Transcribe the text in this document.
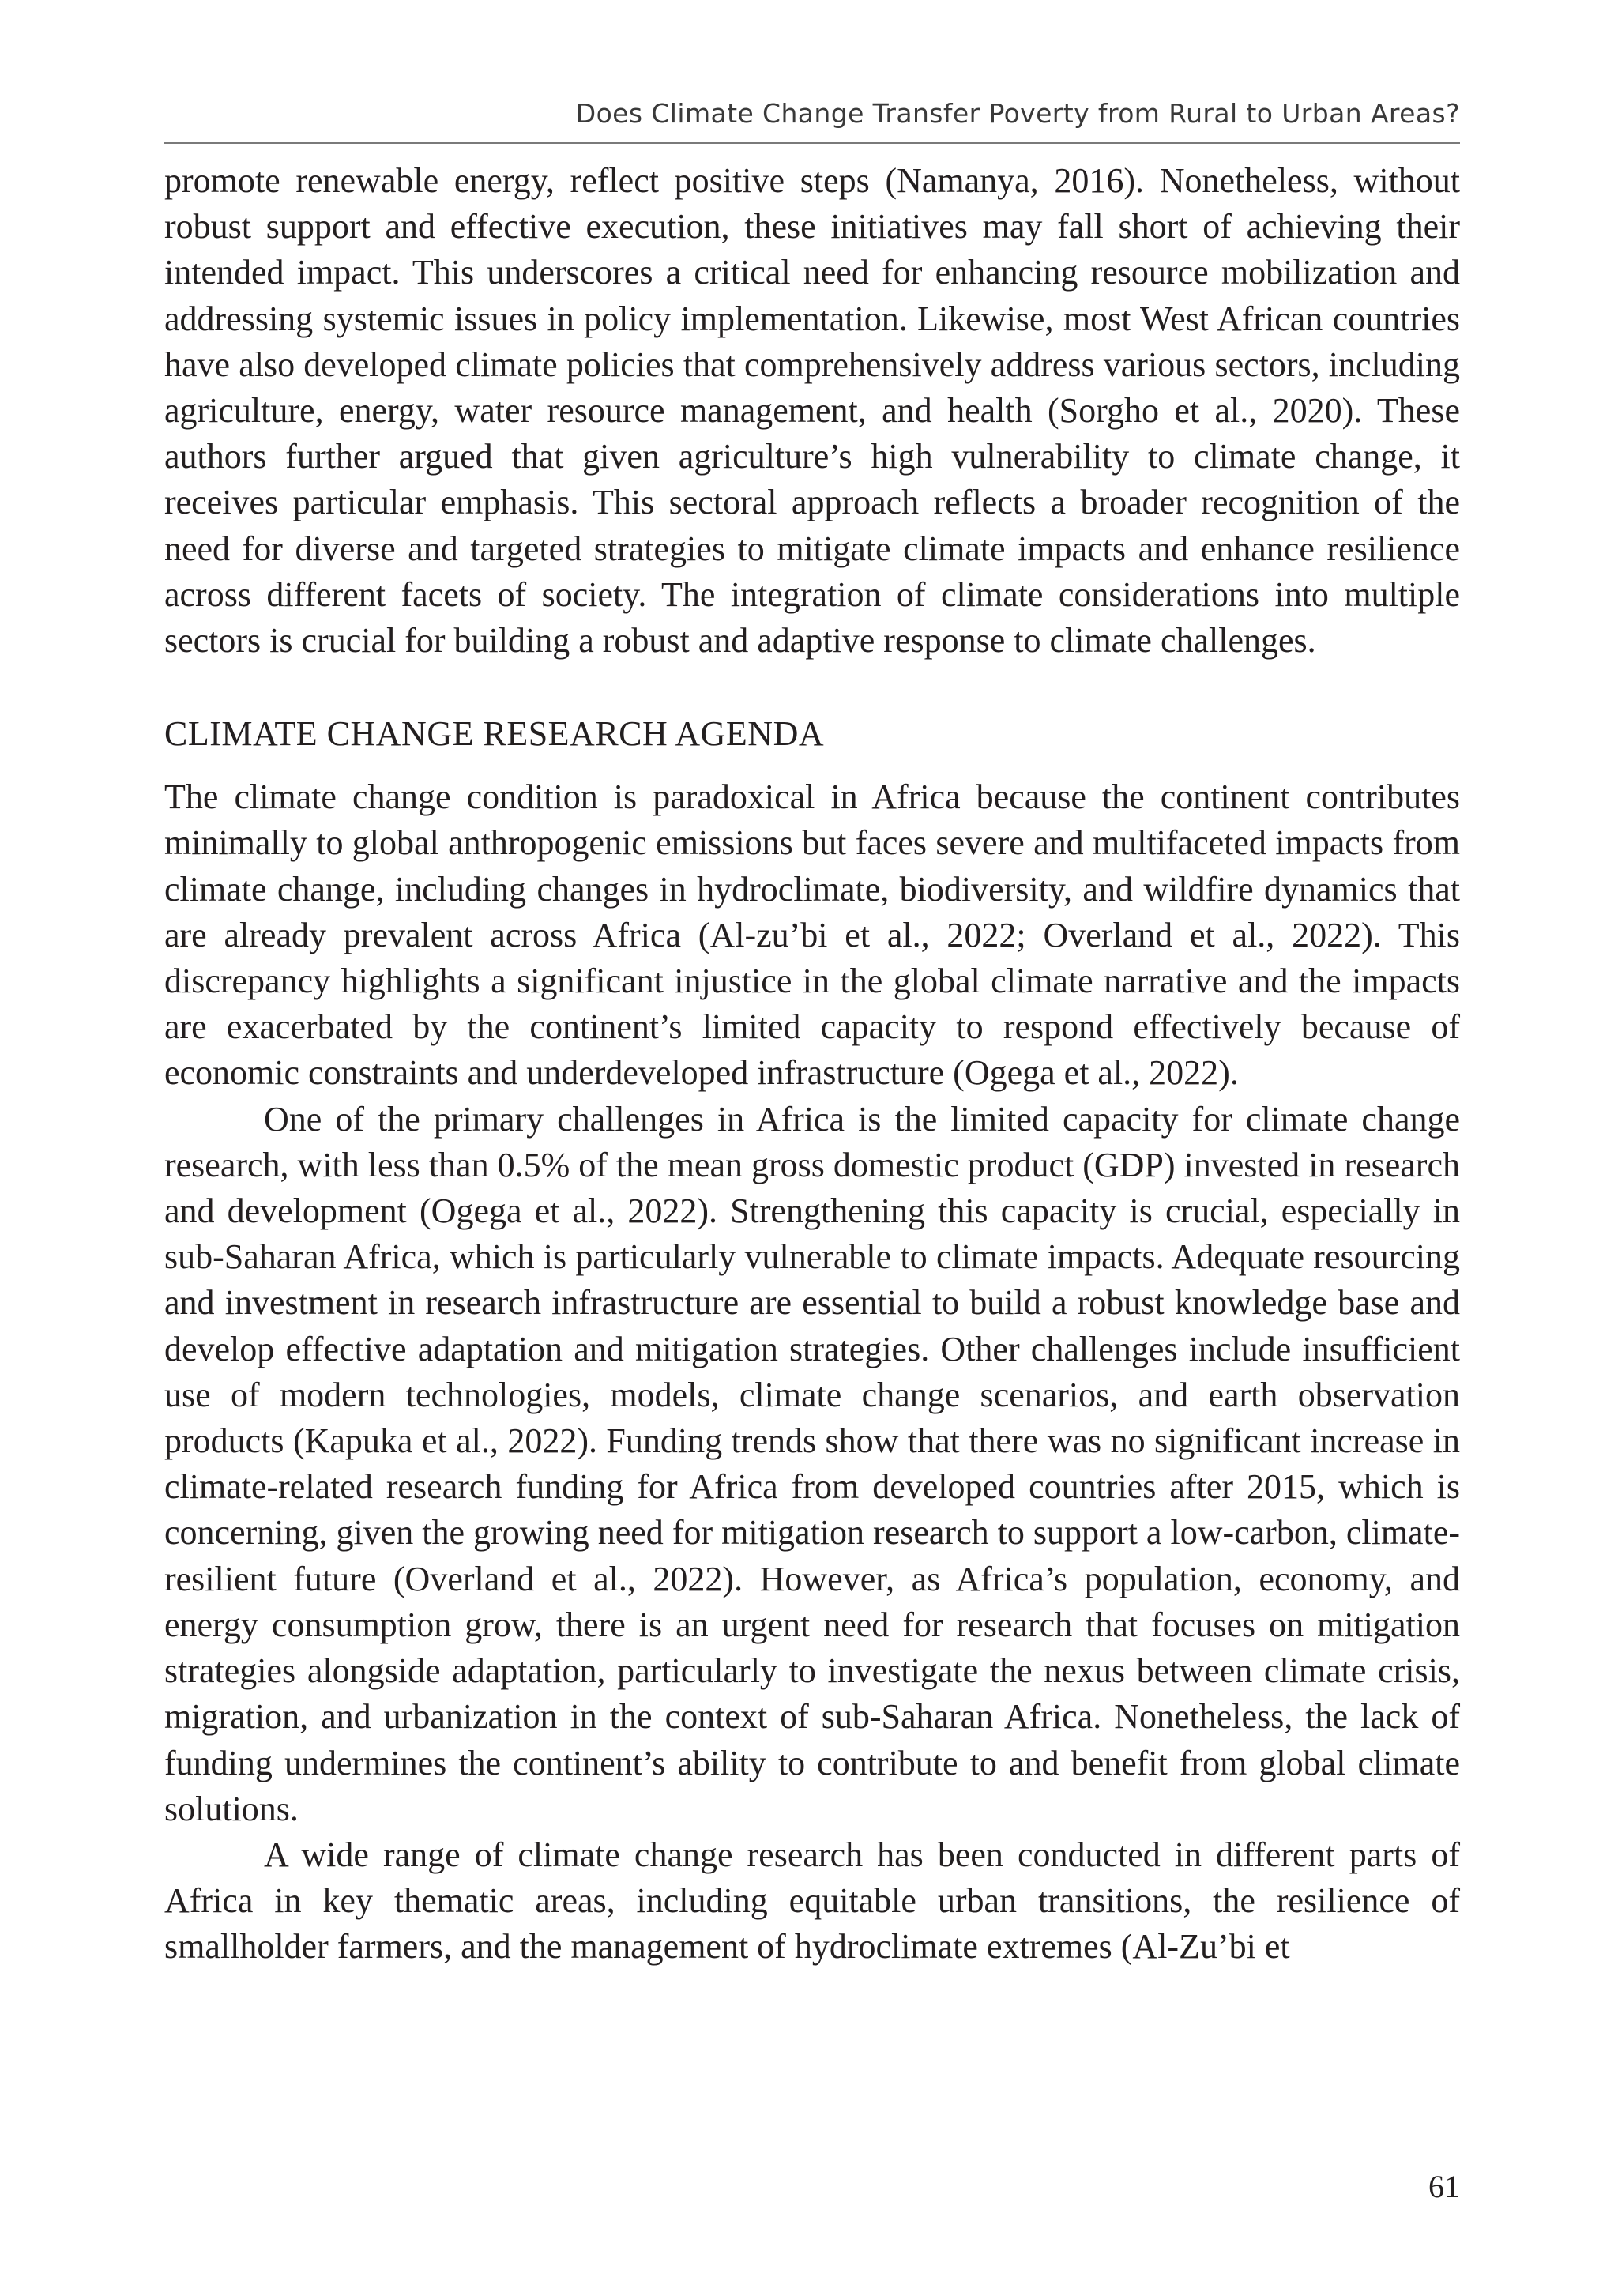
Does Climate Change Transfer Poverty from Rural to Urban Areas?

promote renewable energy, reflect positive steps (Namanya, 2016). Nonetheless, without robust support and effective execution, these initiatives may fall short of achieving their intended impact. This underscores a critical need for enhancing resource mobilization and addressing systemic issues in policy implementation. Likewise, most West African countries have also developed climate policies that comprehensively address various sectors, including agriculture, energy, water resource management, and health (Sorgho et al., 2020). These authors further argued that given agriculture’s high vulnerability to climate change, it receives particular emphasis. This sectoral approach reflects a broader recognition of the need for diverse and targeted strategies to mitigate climate impacts and enhance resilience across different facets of society. The integration of climate considerations into multiple sectors is crucial for building a robust and adaptive response to climate challenges.

CLIMATE CHANGE RESEARCH AGENDA

The climate change condition is paradoxical in Africa because the continent contributes minimally to global anthropogenic emissions but faces severe and multifaceted impacts from climate change, including changes in hydroclimate, biodiversity, and wildfire dynamics that are already prevalent across Africa (Al-zu’bi et al., 2022; Overland et al., 2022). This discrepancy highlights a significant injustice in the global climate narrative and the impacts are exacerbated by the continent’s limited capacity to respond effectively because of economic constraints and underdeveloped infrastructure (Ogega et al., 2022).

One of the primary challenges in Africa is the limited capacity for climate change research, with less than 0.5% of the mean gross domestic product (GDP) invested in research and development (Ogega et al., 2022). Strengthening this capacity is crucial, especially in sub-Saharan Africa, which is particularly vulnerable to climate impacts. Adequate resourcing and investment in research infrastructure are essential to build a robust knowledge base and develop effective adaptation and mitigation strategies. Other challenges include insufficient use of modern technologies, models, climate change scenarios, and earth observation products (Kapuka et al., 2022). Funding trends show that there was no significant increase in climate-related research funding for Africa from developed countries after 2015, which is concerning, given the growing need for mitigation research to support a low-carbon, climate-resilient future (Overland et al., 2022). However, as Africa’s population, economy, and energy consumption grow, there is an urgent need for research that focuses on mitigation strategies alongside adaptation, particularly to investigate the nexus between climate crisis, migration, and urbanization in the context of sub-Saharan Africa. Nonetheless, the lack of funding undermines the continent’s ability to contribute to and benefit from global climate solutions.

A wide range of climate change research has been conducted in different parts of Africa in key thematic areas, including equitable urban transitions, the resilience of smallholder farmers, and the management of hydroclimate extremes (Al-Zu’bi et

61
